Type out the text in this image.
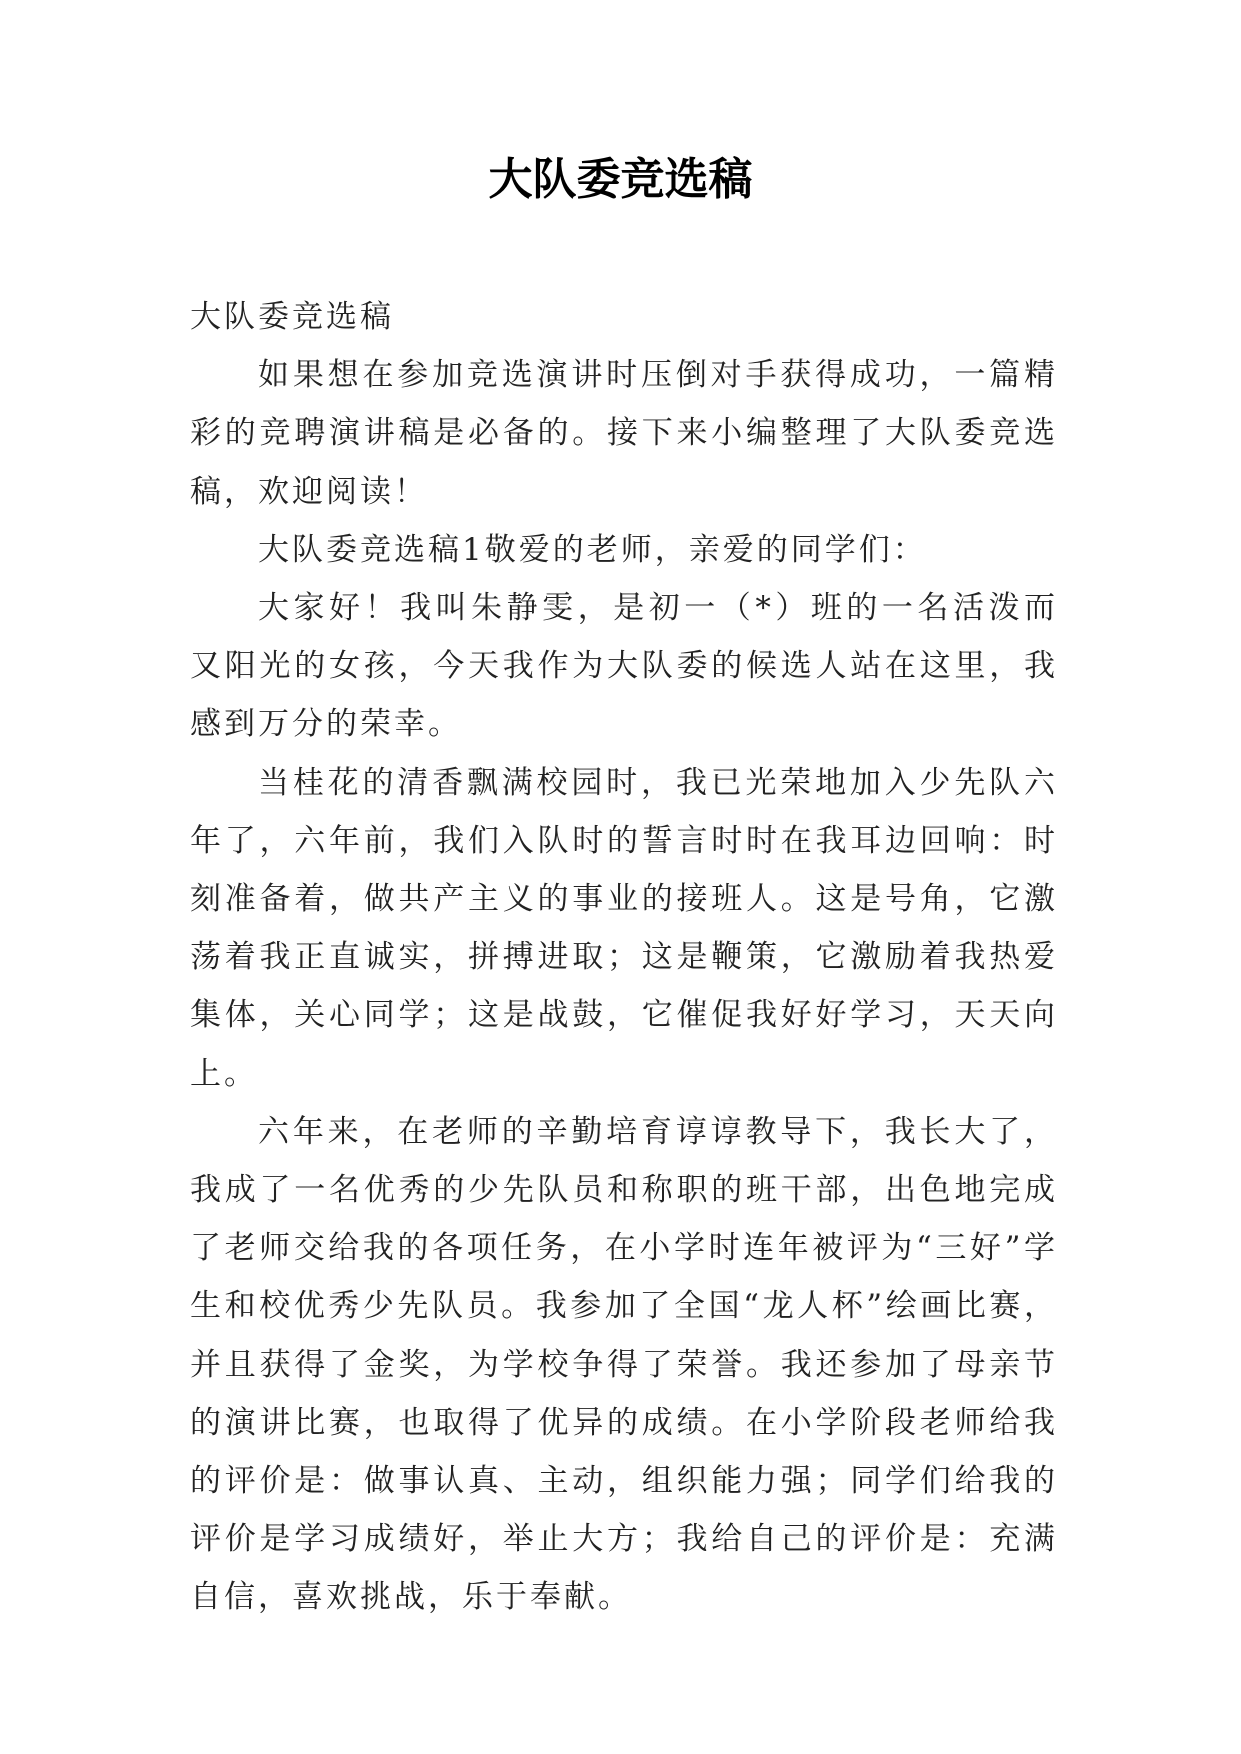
大队委竞选稿

大队委竞选稿

如果想在参加竞选演讲时压倒对手获得成功，一篇精彩的竞聘演讲稿是必备的。接下来小编整理了大队委竞选稿，欢迎阅读！

大队委竞选稿1敬爱的老师，亲爱的同学们：

大家好！我叫朱静雯，是初一（*）班的一名活泼而又阳光的女孩，今天我作为大队委的候选人站在这里，我感到万分的荣幸。

当桂花的清香飘满校园时，我已光荣地加入少先队六年了，六年前，我们入队时的誓言时时在我耳边回响：时刻准备着，做共产主义的事业的接班人。这是号角，它激荡着我正直诚实，拼搏进取；这是鞭策，它激励着我热爱集体，关心同学；这是战鼓，它催促我好好学习，天天向上。

六年来，在老师的辛勤培育谆谆教导下，我长大了，我成了一名优秀的少先队员和称职的班干部，出色地完成了老师交给我的各项任务，在小学时连年被评为“三好”学生和校优秀少先队员。我参加了全国“龙人杯”绘画比赛，并且获得了金奖，为学校争得了荣誉。我还参加了母亲节的演讲比赛，也取得了优异的成绩。在小学阶段老师给我的评价是：做事认真、主动，组织能力强；同学们给我的评价是学习成绩好，举止大方；我给自己的评价是：充满自信，喜欢挑战，乐于奉献。
